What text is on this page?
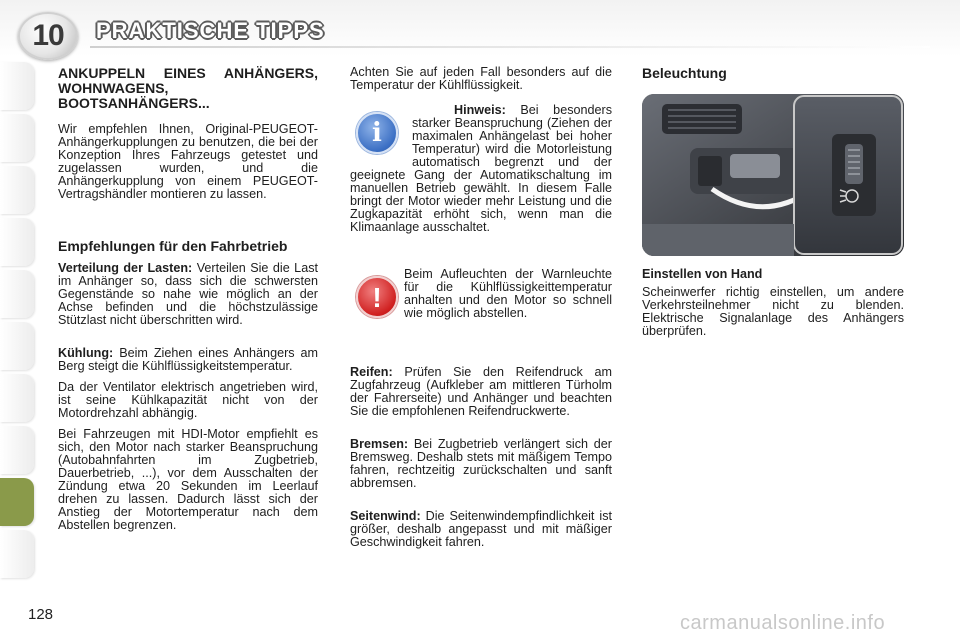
10	PRAKTISCHE TIPPS

ANKUPPELN EINES ANHÄNGERS, WOHNWAGENS, BOOTSANHÄNGERS...

Wir empfehlen Ihnen, Original-PEUGEOT-Anhängerkupplungen zu benutzen, die bei der Konzeption Ihres Fahrzeugs getestet und zugelassen wurden, und die Anhängerkupplung von einem PEUGEOT-Vertragshändler montieren zu lassen.

Empfehlungen für den Fahrbetrieb

Verteilung der Lasten: Verteilen Sie die Last im Anhänger so, dass sich die schwersten Gegenstände so nahe wie möglich an der Achse befinden und die höchstzulässige Stützlast nicht überschritten wird.

Kühlung: Beim Ziehen eines Anhängers am Berg steigt die Kühlflüssigkeitstemperatur.

Da der Ventilator elektrisch angetrieben wird, ist seine Kühlkapazität nicht von der Motordrehzahl abhängig.

Bei Fahrzeugen mit HDI-Motor empfiehlt es sich, den Motor nach starker Beanspruchung (Autobahnfahrten im Zugbetrieb, Dauerbetrieb, ...), vor dem Ausschalten der Zündung etwa 20 Sekunden im Leerlauf drehen zu lassen. Dadurch lässt sich der Anstieg der Motortemperatur nach dem Abstellen begrenzen.

Achten Sie auf jeden Fall besonders auf die Temperatur der Kühlflüssigkeit.

i

Hinweis: Bei besonders starker Beanspruchung (Ziehen der maximalen Anhängelast bei hoher Temperatur) wird die Motorleistung automatisch begrenzt und der geeignete Gang der Automatikschaltung im manuellen Betrieb gewählt. In diesem Falle bringt der Motor wieder mehr Leistung und die Zugkapazität erhöht sich, wenn man die Klimaanlage ausschaltet.

!

Beim Aufleuchten der Warnleuchte für die Kühlflüssigkeittemperatur anhalten und den Motor so schnell wie möglich abstellen.

Reifen: Prüfen Sie den Reifendruck am Zugfahrzeug (Aufkleber am mittleren Türholm der Fahrerseite) und Anhänger und beachten Sie die empfohlenen Reifendruckwerte.

Bremsen: Bei Zugbetrieb verlängert sich der Bremsweg. Deshalb stets mit mäßigem Tempo fahren, rechtzeitig zurückschalten und sanft abbremsen.

Seitenwind: Die Seitenwindempfindlichkeit ist größer, deshalb angepasst und mit mäßiger Geschwindigkeit fahren.

Beleuchtung

Einstellen von Hand

Scheinwerfer richtig einstellen, um andere Verkehrsteilnehmer nicht zu blenden. Elektrische Signalanlage des Anhängers überprüfen.

128	carmanualsonline.info
